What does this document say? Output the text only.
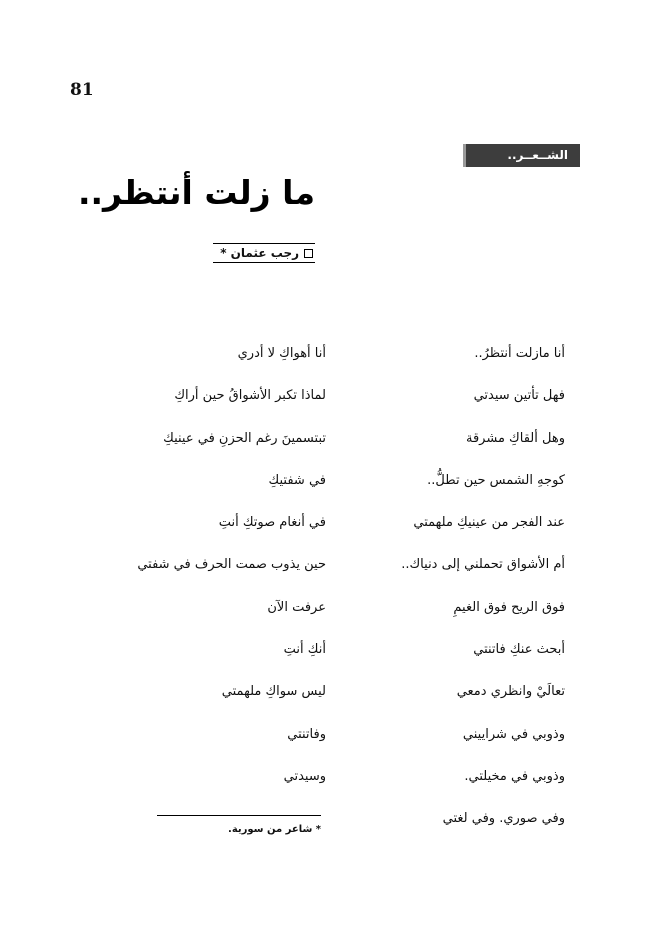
81
الشــعــر..
ما زلت أنتظر..
رجب عثمان *
أنا مازلت أنتظرُ..
فهل تأتين سيدتي
وهل ألقاكِ مشرقة
كوجهِ الشمس حين تطلُّ..
عند الفجر من عينيكِ ملهمتي
أم الأشواق تحملني إلى دنياك..
فوق الريح فوق الغيمِ
أبحث عنكِ فاتنتي
تعالَيْ وانظري دمعي
وذوبي في شراييني
وذوبي في مخيلتي.
وفي صوري. وفي لغتي
أنا أهواكِ لا أدري
لماذا تكبر الأشواقُ حين أراكِ
تبتسمينَ رغم الحزنِ في عينيكِ
في شفتيكِ
في أنغام صوتكِ أنتِ
حين يذوب صمت الحرف في شفتي
عرفت الآن
أنكِ أنتِ
ليس سواكِ ملهمتي
وفاتنتي
وسيدتي
* شاعر من سورية.
